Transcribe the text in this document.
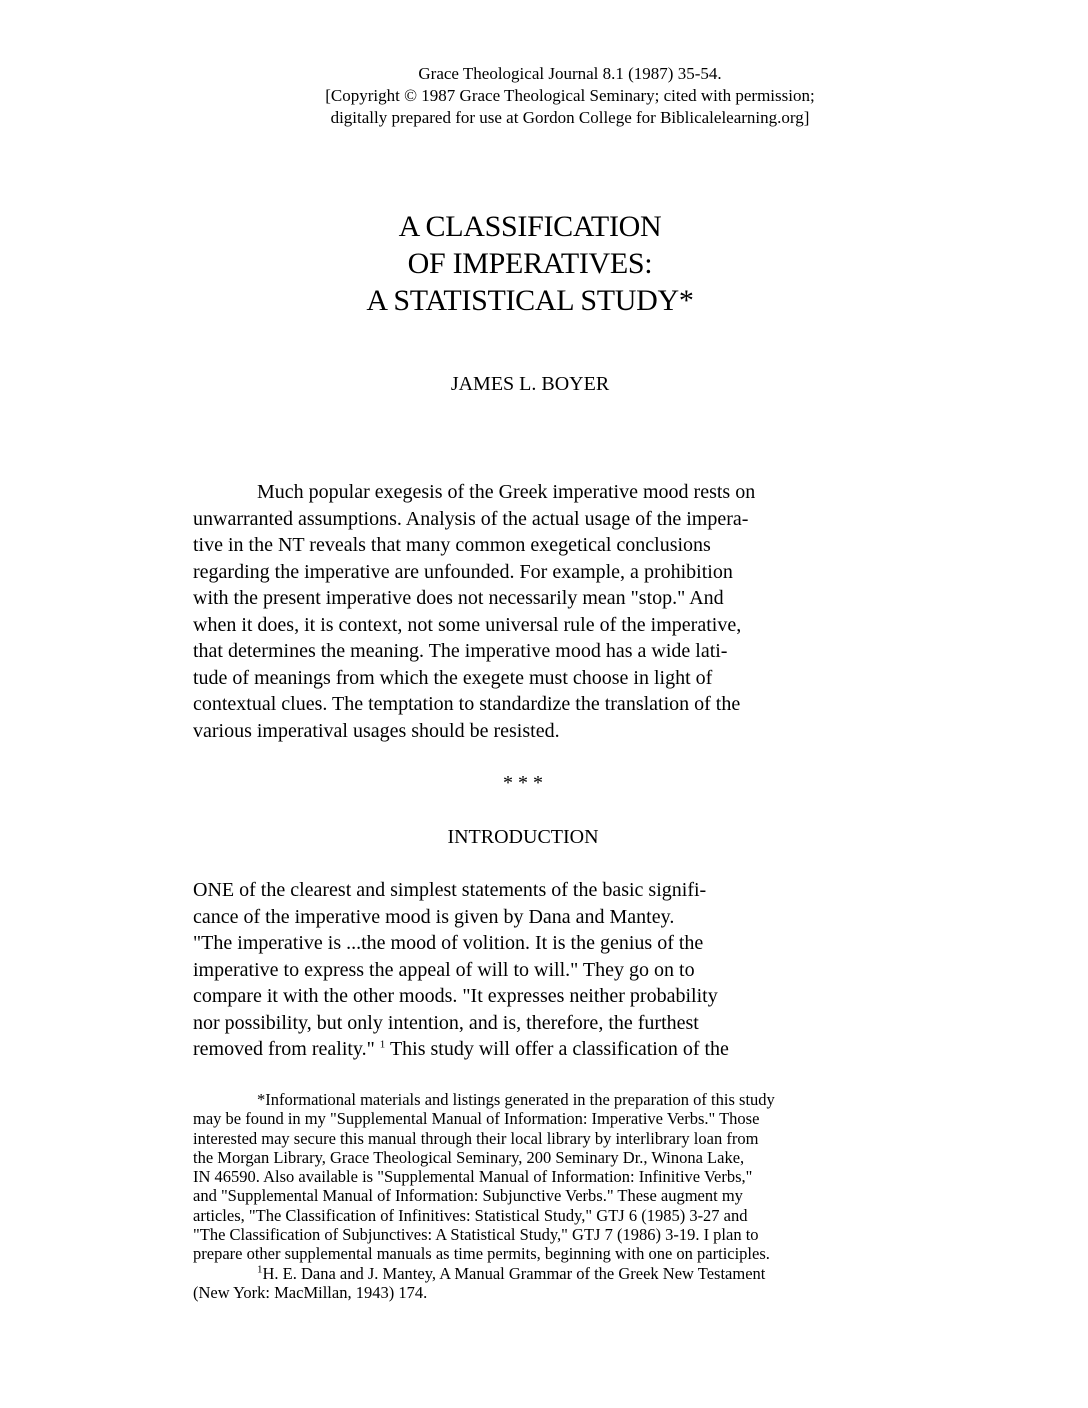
Grace Theological Journal 8.1 (1987) 35-54.
[Copyright © 1987 Grace Theological Seminary; cited with permission;
digitally prepared for use at Gordon College for Biblicalelearning.org]
A CLASSIFICATION
OF IMPERATIVES:
A STATISTICAL STUDY*
JAMES L. BOYER
Much popular exegesis of the Greek imperative mood rests on
unwarranted assumptions. Analysis of the actual usage of the impera-
tive in the NT reveals that many common exegetical conclusions
regarding the imperative are unfounded. For example, a prohibition
with the present imperative does not necessarily mean "stop." And
when it does, it is context, not some universal rule of the imperative,
that determines the meaning. The imperative mood has a wide lati-
tude of meanings from which the exegete must choose in light of
contextual clues. The temptation to standardize the translation of the
various imperatival usages should be resisted.
* * *
INTRODUCTION
ONE of the clearest and simplest statements of the basic signifi-
cance of the imperative mood is given by Dana and Mantey.
"The imperative is ...the mood of volition. It is the genius of the
imperative to express the appeal of will to will." They go on to
compare it with the other moods. "It expresses neither probability
nor possibility, but only intention, and is, therefore, the furthest
removed from reality." $^1$ This study will offer a classification of the
*Informational materials and listings generated in the preparation of this study
may be found in my "Supplemental Manual of Information: Imperative Verbs." Those
interested may secure this manual through their local library by interlibrary loan from
the Morgan Library, Grace Theological Seminary, 200 Seminary Dr., Winona Lake,
IN 46590. Also available is "Supplemental Manual of Information: Infinitive Verbs,"
and "Supplemental Manual of Information: Subjunctive Verbs." These augment my
articles, "The Classification of Infinitives: Statistical Study," GTJ 6 (1985) 3-27 and
"The Classification of Subjunctives: A Statistical Study," GTJ 7 (1986) 3-19. I plan to
prepare other supplemental manuals as time permits, beginning with one on participles.
$^1$H. E. Dana and J. Mantey, A Manual Grammar of the Greek New Testament
(New York: MacMillan, 1943) 174.
